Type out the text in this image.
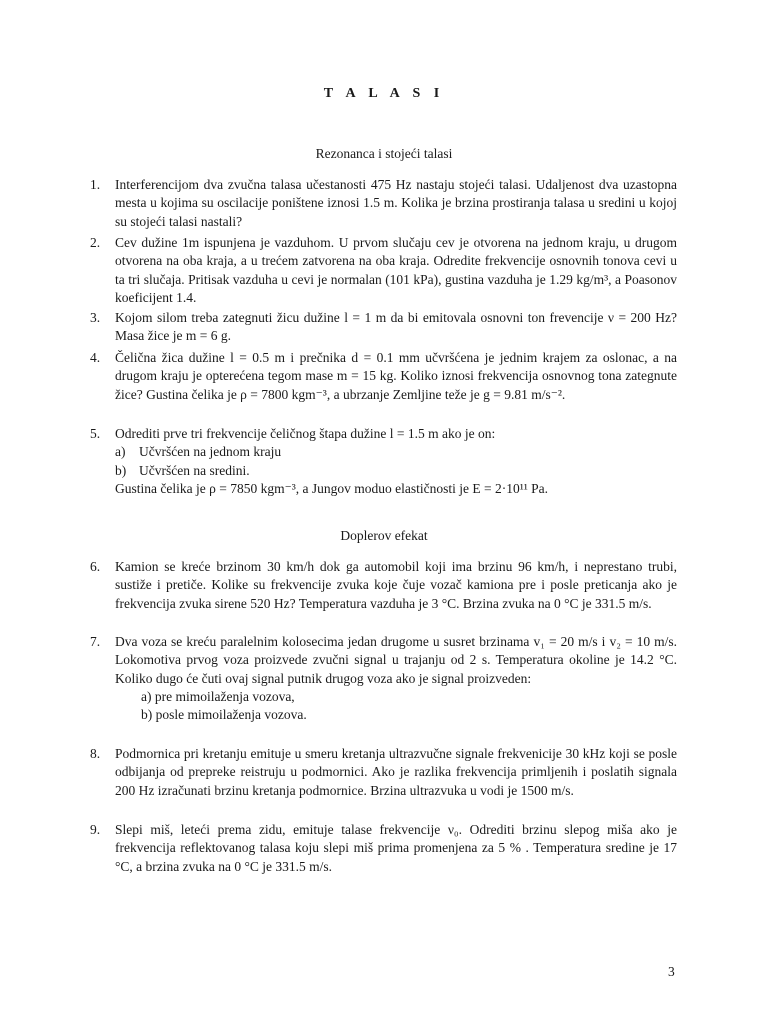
T A L A S I
Rezonanca i stojeći talasi
1. Interferencijom dva zvučna talasa učestanosti 475 Hz nastaju stojeći talasi. Udaljenost dva uzastopna mesta u kojima su oscilacije poništene iznosi 1.5 m. Kolika je brzina prostiranja talasa u sredini u kojoj su stojeći talasi nastali?
2. Cev dužine 1m ispunjena je vazduhom. U prvom slučaju cev je otvorena na jednom kraju, u drugom otvorena na oba kraja, a u trećem zatvorena na oba kraja. Odredite frekvencije osnovnih tonova cevi u ta tri slučaja. Pritisak vazduha u cevi je normalan (101 kPa), gustina vazduha je 1.29 kg/m³, a Poasonov koeficijent 1.4.
3. Kojom silom treba zategnuti žicu dužine l = 1 m da bi emitovala osnovni ton frevencije ν = 200 Hz? Masa žice je m = 6 g.
4. Čelična žica dužine l = 0.5 m i prečnika d = 0.1 mm učvršćena je jednim krajem za oslonac, a na drugom kraju je opterećena tegom mase m = 15 kg. Koliko iznosi frekvencija osnovnog tona zategnute žice? Gustina čelika je ρ = 7800 kgm⁻³, a ubrzanje Zemljine teže je g = 9.81 m/s⁻².
5. Odrediti prve tri frekvencije čeličnog štapa dužine l = 1.5 m ako je on:
a) Učvršćen na jednom kraju
b) Učvršćen na sredini.
Gustina čelika je ρ = 7850 kgm⁻³, a Jungov moduo elastičnosti je E = 2·10¹¹ Pa.
Doplerov efekat
6. Kamion se kreće brzinom 30 km/h dok ga automobil koji ima brzinu 96 km/h, i neprestano trubi, sustiže i pretiče. Kolike su frekvencije zvuka koje čuje vozač kamiona pre i posle preticanja ako je frekvencija zvuka sirene 520 Hz? Temperatura vazduha je 3 °C. Brzina zvuka na 0 °C je 331.5 m/s.
7. Dva voza se kreću paralelnim kolosecima jedan drugome u susret brzinama v₁ = 20 m/s i v₂ = 10 m/s. Lokomotiva prvog voza proizvede zvučni signal u trajanju od 2 s. Temperatura okoline je 14.2 °C. Koliko dugo će čuti ovaj signal putnik drugog voza ako je signal proizveden:
a) pre mimoilaženja vozova,
b) posle mimoilaženja vozova.
8. Podmornica pri kretanju emituje u smeru kretanja ultrazvučne signale frekvenicije 30 kHz koji se posle odbijanja od prepreke reistruju u podmornici. Ako je razlika frekvencija primljenih i poslatih signala 200 Hz izračunati brzinu kretanja podmornice. Brzina ultrazvuka u vodi je 1500 m/s.
9. Slepi miš, leteći prema zidu, emituje talase frekvencije ν₀. Odrediti brzinu slepog miša ako je frekvencija reflektovanog talasa koju slepi miš prima promenjena za 5 % . Temperatura sredine je 17 °C, a brzina zvuka na 0 °C je 331.5 m/s.
3
